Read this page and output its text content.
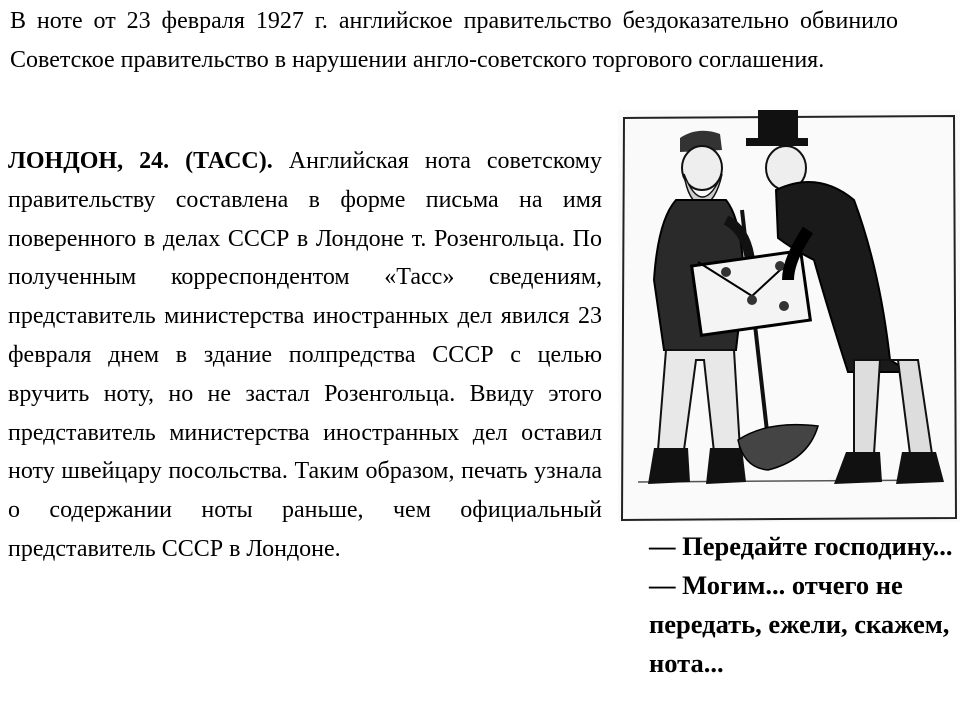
В ноте от 23 февраля 1927 г. английское правительство бездоказательно обвинило Советское правительство в нарушении англо-советского торгового соглашения.

ЛОНДОН, 24. (ТАСС). Английская нота советскому правительству составлена в форме письма на имя поверенного в делах СССР в Лондоне т. Розенгольца. По полученным корреспондентом «Тасс» сведениям, представитель министерства иностранных дел явился 23 февраля днем в здание полпредства СССР с целью вручить ноту, но не застал Розенгольца. Ввиду этого представитель министерства иностранных дел оставил ноту швейцару посольства. Таким образом, печать узнала о содержании ноты раньше, чем официальный представитель СССР в Лондоне.	— Передайте господину...
— Могим... отчего не передать, ежели, скажем, нота...
